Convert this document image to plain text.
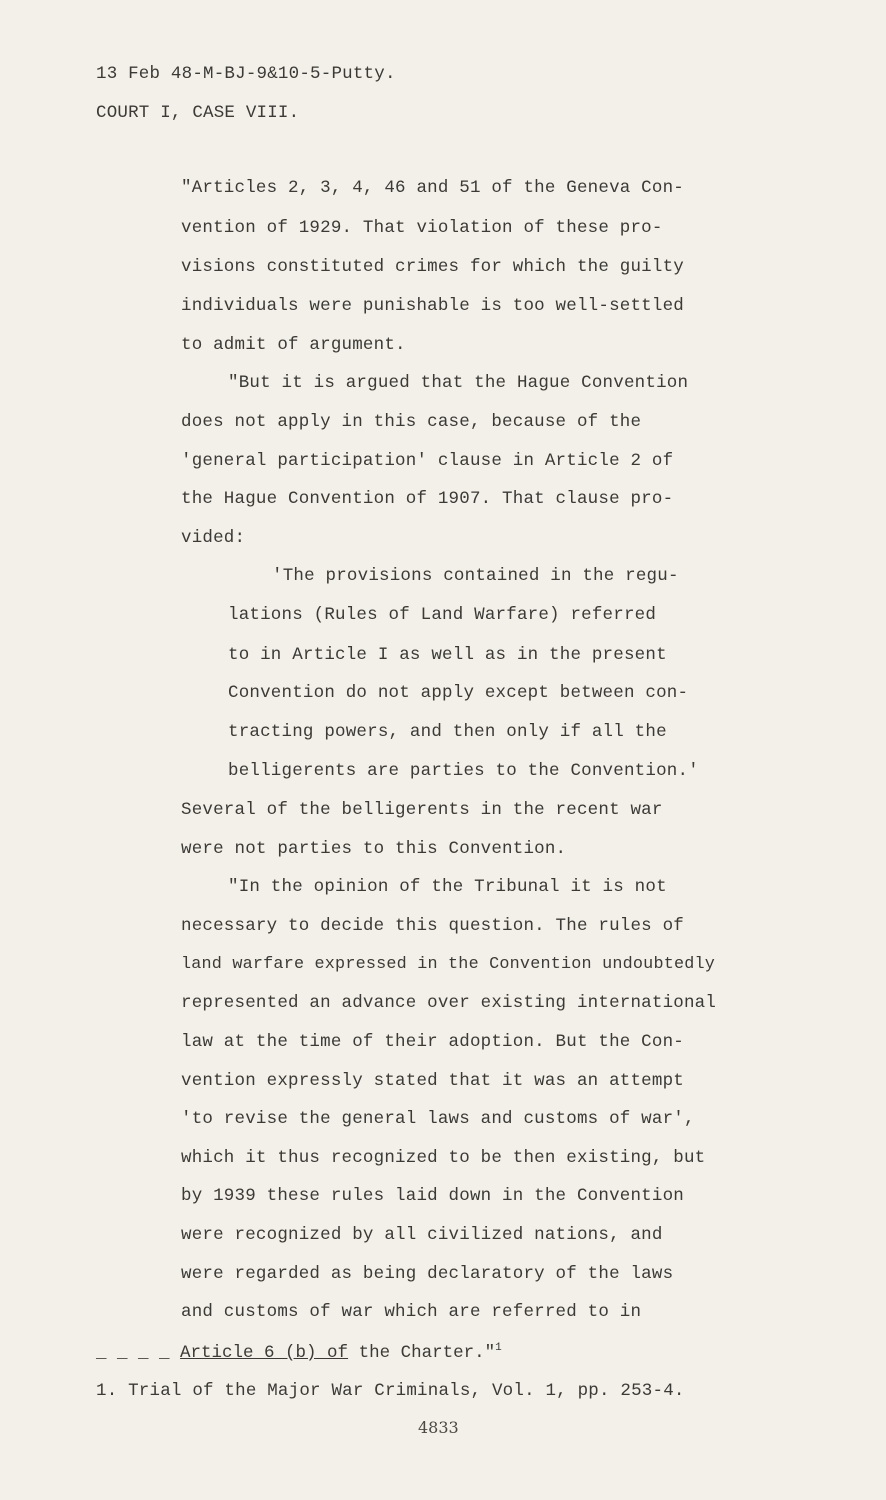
13 Feb 48-M-BJ-9&10-5-Putty.
COURT I, CASE VIII.
"Articles 2, 3, 4, 46 and 51 of the Geneva Con-
vention of 1929. That violation of these pro-
visions constituted crimes for which the guilty
individuals were punishable is too well-settled
to admit of argument.
"But it is argued that the Hague Convention
does not apply in this case, because of the
'general participation' clause in Article 2 of
the Hague Convention of 1907. That clause pro-
vided:
'The provisions contained in the regu-
lations (Rules of Land Warfare) referred
to in Article I as well as in the present
Convention do not apply except between con-
tracting powers, and then only if all the
belligerents are parties to the Convention.'
Several of the belligerents in the recent war
were not parties to this Convention.
"In the opinion of the Tribunal it is not
necessary to decide this question. The rules of
land warfare expressed in the Convention undoubtedly
represented an advance over existing international
law at the time of their adoption. But the Con-
vention expressly stated that it was an attempt
'to revise the general laws and customs of war',
which it thus recognized to be then existing, but
by 1939 these rules laid down in the Convention
were recognized by all civilized nations, and
were regarded as being declaratory of the laws
and customs of war which are referred to in
_ _ _ _ Article 6 (b) of the Charter."$^1$
1. Trial of the Major War Criminals, Vol. 1, pp. 253-4.
4833
